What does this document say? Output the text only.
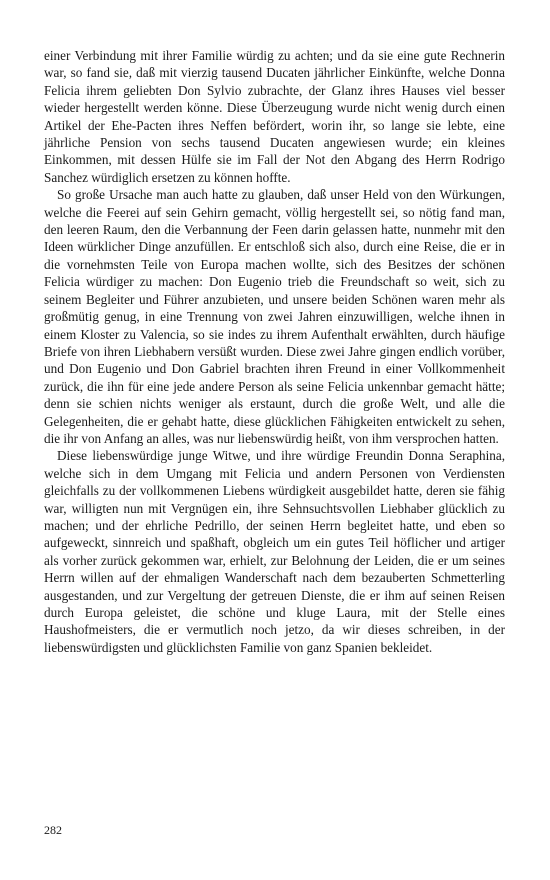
einer Verbindung mit ihrer Familie würdig zu achten; und da sie eine gute Rechnerin war, so fand sie, daß mit vierzig tausend Ducaten jährlicher Einkünfte, welche Donna Felicia ihrem geliebten Don Sylvio zubrachte, der Glanz ihres Hauses viel besser wieder hergestellt werden könne. Diese Überzeugung wurde nicht wenig durch einen Artikel der Ehe-Pacten ihres Neffen befördert, worin ihr, so lange sie lebte, eine jährliche Pension von sechs tausend Ducaten angewiesen wurde; ein kleines Einkommen, mit dessen Hülfe sie im Fall der Not den Abgang des Herrn Rodrigo Sanchez würdiglich ersetzen zu können hoffte.

So große Ursache man auch hatte zu glauben, daß unser Held von den Würkungen, welche die Feerei auf sein Gehirn gemacht, völlig hergestellt sei, so nötig fand man, den leeren Raum, den die Verbannung der Feen darin gelassen hatte, nunmehr mit den Ideen würklicher Dinge anzufüllen. Er entschloß sich also, durch eine Reise, die er in die vornehmsten Teile von Europa machen wollte, sich des Besitzes der schönen Felicia würdiger zu machen: Don Eugenio trieb die Freundschaft so weit, sich zu seinem Begleiter und Führer anzubieten, und unsere beiden Schönen waren mehr als großmütig genug, in eine Trennung von zwei Jahren einzuwilligen, welche ihnen in einem Kloster zu Valencia, so sie indes zu ihrem Aufenthalt erwählten, durch häufige Briefe von ihren Liebhabern versüßt wurden. Diese zwei Jahre gingen endlich vorüber, und Don Eugenio und Don Gabriel brachten ihren Freund in einer Vollkommenheit zurück, die ihn für eine jede andere Person als seine Felicia unkennbar gemacht hätte; denn sie schien nichts weniger als erstaunt, durch die große Welt, und alle die Gelegenheiten, die er gehabt hatte, diese glücklichen Fähigkeiten entwickelt zu sehen, die ihr von Anfang an alles, was nur liebenswürdig heißt, von ihm versprochen hatten.

Diese liebenswürdige junge Witwe, und ihre würdige Freundin Donna Seraphina, welche sich in dem Umgang mit Felicia und andern Personen von Verdiensten gleichfalls zu der vollkommenen Liebens würdigkeit ausgebildet hatte, deren sie fähig war, willigten nun mit Vergnügen ein, ihre Sehnsuchtsvollen Liebhaber glücklich zu machen; und der ehrliche Pedrillo, der seinen Herrn begleitet hatte, und eben so aufgeweckt, sinnreich und spaßhaft, obgleich um ein gutes Teil höflicher und artiger als vorher zurück gekommen war, erhielt, zur Belohnung der Leiden, die er um seines Herrn willen auf der ehmaligen Wanderschaft nach dem bezauberten Schmetterling ausgestanden, und zur Vergeltung der getreuen Dienste, die er ihm auf seinen Reisen durch Europa geleistet, die schöne und kluge Laura, mit der Stelle eines Haushofmeisters, die er vermutlich noch jetzo, da wir dieses schreiben, in der liebenswürdigsten und glücklichsten Familie von ganz Spanien bekleidet.

282
